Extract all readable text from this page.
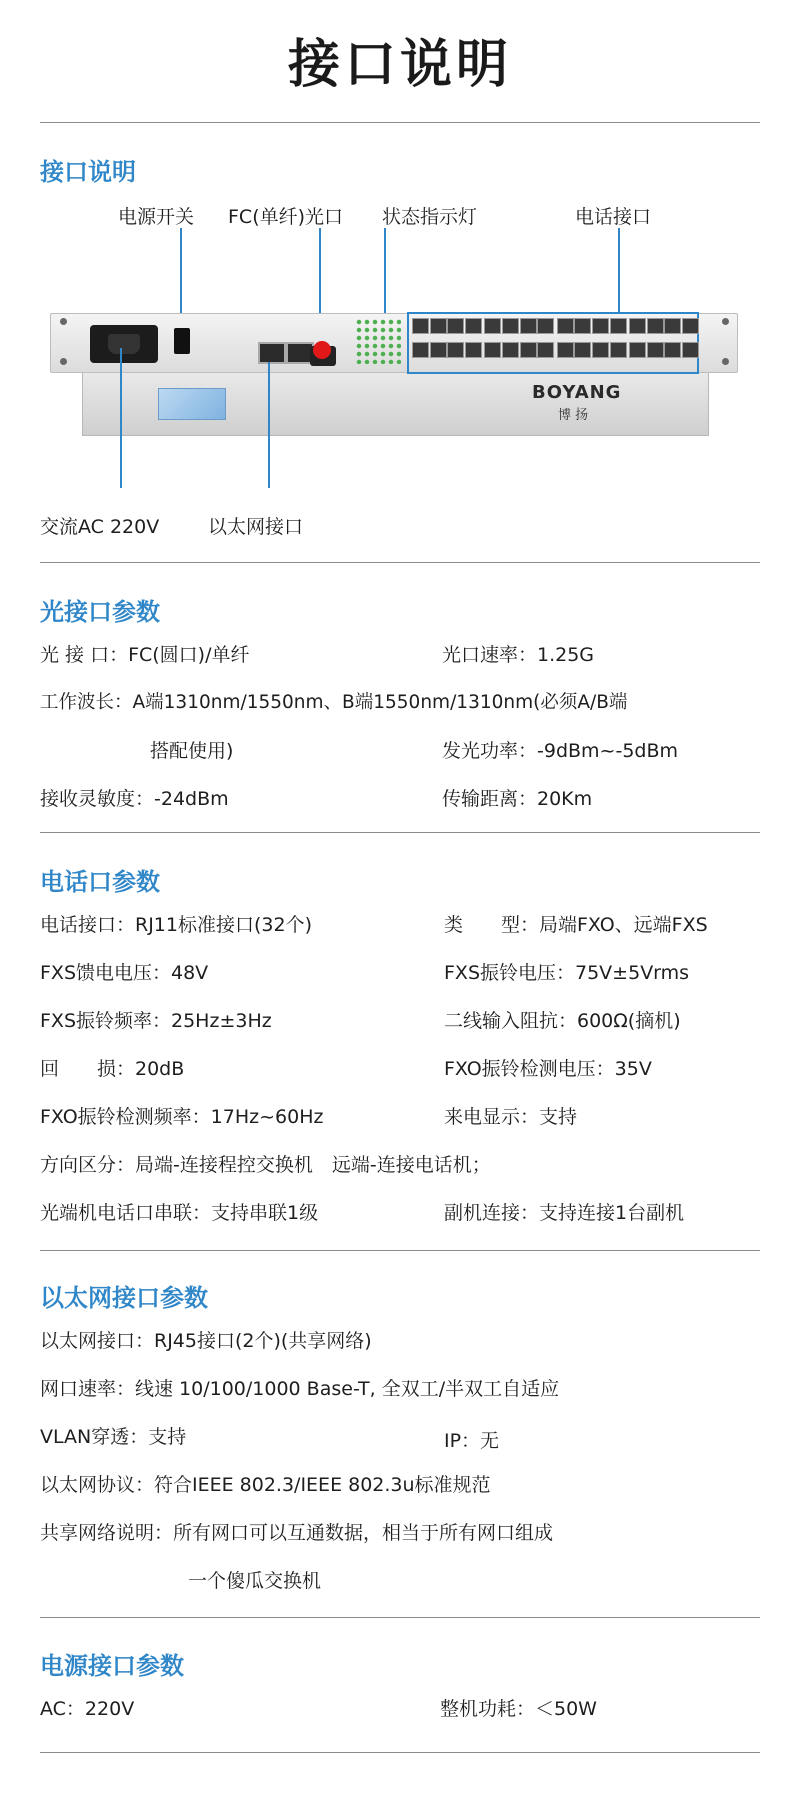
接口说明
接口说明
电源开关 FC(单纤)光口 状态指示灯	电话接口
BOYANG
博 扬
交流AC 220V	以太网接口
光接口参数
光 接 口：FC(圆口)/单纤	光口速率：1.25G
工作波长：A端1310nm/1550nm、B端1550nm/1310nm(必须A/B端
搭配使用)	发光功率：-9dBm~-5dBm
接收灵敏度：-24dBm	传输距离：20Km
电话口参数
电话接口：RJ11标准接口(32个)	类　　型：局端FXO、远端FXS
FXS馈电电压：48V	FXS振铃电压：75V±5Vrms
FXS振铃频率：25Hz±3Hz	二线输入阻抗：600Ω(摘机)
回　　损：20dB	FXO振铃检测电压：35V
FXO振铃检测频率：17Hz~60Hz	来电显示：支持
方向区分：局端-连接程控交换机　远端-连接电话机；
光端机电话口串联：支持串联1级	副机连接：支持连接1台副机
以太网接口参数
以太网接口：RJ45接口(2个)(共享网络)
网口速率：线速 10/100/1000 Base-T, 全双工/半双工自适应
VLAN穿透：支持	IP：无
以太网协议：符合IEEE 802.3/IEEE 802.3u标准规范
共享网络说明：所有网口可以互通数据，相当于所有网口组成
一个傻瓜交换机
电源接口参数
AC：220V	整机功耗：＜50W
